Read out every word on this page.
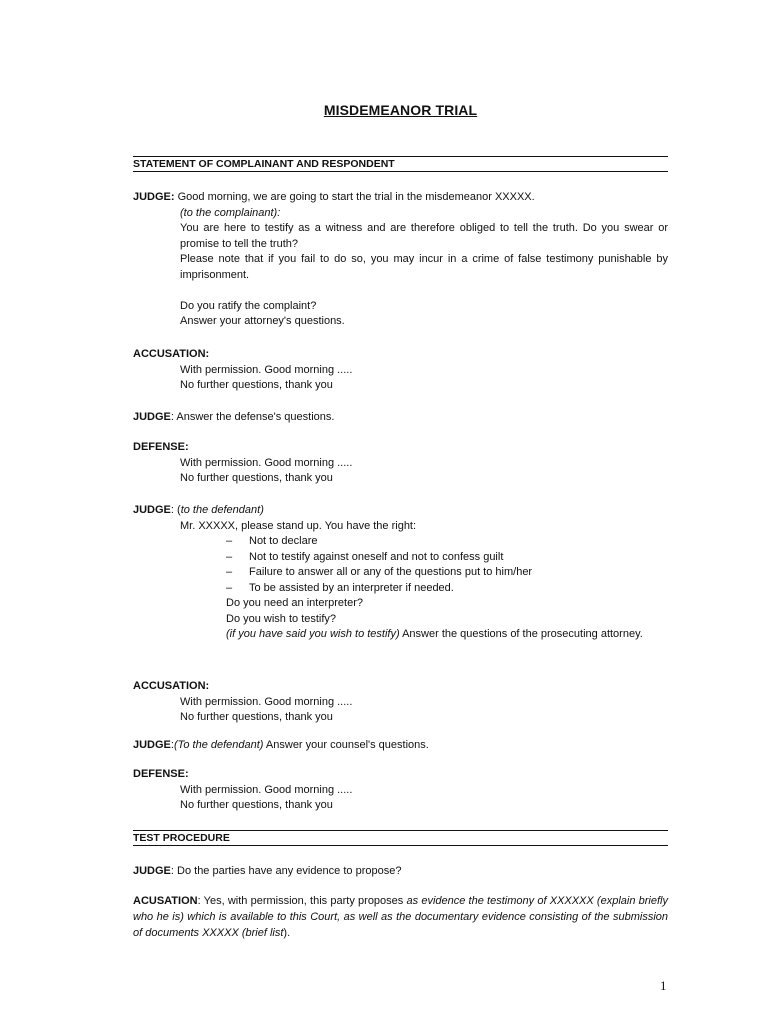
MISDEMEANOR TRIAL
STATEMENT OF COMPLAINANT AND RESPONDENT
JUDGE: Good morning, we are going to start the trial in the misdemeanor XXXXX.
(to the complainant):
You are here to testify as a witness and are therefore obliged to tell the truth. Do you swear or promise to tell the truth?
Please note that if you fail to do so, you may incur in a crime of false testimony punishable by imprisonment.
Do you ratify the complaint?
Answer your attorney's questions.
ACCUSATION:
With permission. Good morning .....
No further questions, thank you
JUDGE: Answer the defense's questions.
DEFENSE:
With permission. Good morning .....
No further questions, thank you
JUDGE: (to the defendant)
Mr. XXXXX, please stand up. You have the right:
– Not to declare
– Not to testify against oneself and not to confess guilt
– Failure to answer all or any of the questions put to him/her
– To be assisted by an interpreter if needed.
Do you need an interpreter?
Do you wish to testify?
(if you have said you wish to testify) Answer the questions of the prosecuting attorney.
ACCUSATION:
With permission. Good morning .....
No further questions, thank you
JUDGE:(To the defendant) Answer your counsel's questions.
DEFENSE:
With permission. Good morning .....
No further questions, thank you
TEST PROCEDURE
JUDGE: Do the parties have any evidence to propose?
ACUSATION: Yes, with permission, this party proposes as evidence the testimony of XXXXXX (explain briefly who he is) which is available to this Court, as well as the documentary evidence consisting of the submission of documents XXXXX (brief list).
1
